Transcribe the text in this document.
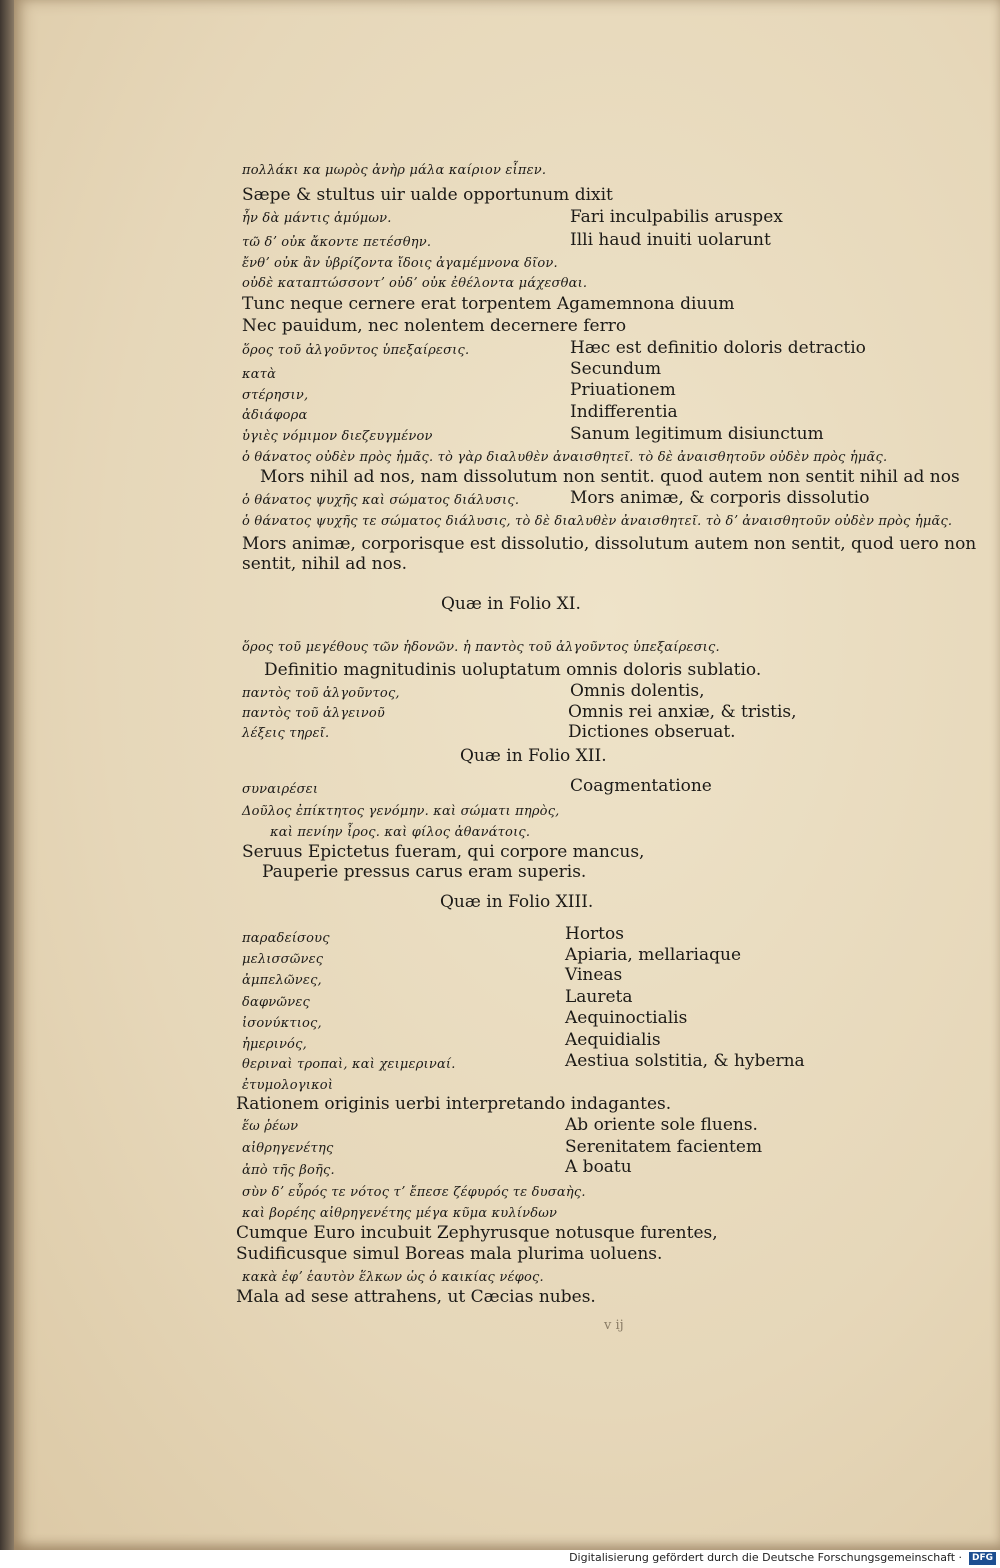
v ij
πολλάκι κα μωρὸς ἀνὴρ μάλα καίριον εἶπεν.
Sæpe & stultus uir ualde opportunum dixit
ἦν δὰ μάντις ἀμύμων.	Fari inculpabilis aruspex
τῶ δʼ οὐκ ἄκοντε πετέσθην.	Illi haud inuiti uolarunt
ἔνθʼ οὐκ ἂν ὑβρίζοντα ἴδοις ἀγαμέμνονα δῖον.
οὐδὲ καταπτώσσοντʼ οὐδʼ οὐκ ἐθέλοντα μάχεσθαι.
Tunc neque cernere erat torpentem Agamemnona diuum
Nec pauidum, nec nolentem decernere ferro
ὅρος τοῦ ἀλγοῦντος ὑπεξαίρεσις.	Hæc est definitio doloris detractio
κατὰ	Secundum
στέρησιν,	Priuationem
ἀδιάφορα	Indifferentia
ὑγιὲς νόμιμον διεζευγμένον	Sanum legitimum disiunctum
ὁ θάνατος οὐδὲν πρὸς ἡμᾶς. τὸ γὰρ διαλυθὲν ἀναισθητεῖ. τὸ δὲ ἀναισθητοῦν οὐδὲν πρὸς ἡμᾶς.
Mors nihil ad nos, nam dissolutum non sentit. quod autem non sentit nihil ad nos
ὁ θάνατος ψυχῆς καὶ σώματος διάλυσις.	Mors animæ, & corporis dissolutio
ὁ θάνατος ψυχῆς τε σώματος διάλυσις, τὸ δὲ διαλυθὲν ἀναισθητεῖ. τὸ δʼ ἀναισθητοῦν οὐδὲν πρὸς ἡμᾶς.
Mors animæ, corporisque est dissolutio, dissolutum autem non sentit, quod uero non
sentit, nihil ad nos.
Quæ in Folio XI.
ὅρος τοῦ μεγέθους τῶν ἡδονῶν. ἡ παντὸς τοῦ ἀλγοῦντος ὑπεξαίρεσις.
Definitio magnitudinis uoluptatum omnis doloris sublatio.
παντὸς τοῦ ἀλγοῦντος,	Omnis dolentis,
παντὸς τοῦ ἀλγεινοῦ	Omnis rei anxiæ, & tristis,
λέξεις τηρεῖ.	Dictiones obseruat.
Quæ in Folio XII.
συναιρέσει	Coagmentatione
Δοῦλος ἐπίκτητος γενόμην. καὶ σώματι πηρὸς,
καὶ πενίην ἶρος. καὶ φίλος ἀθανάτοις.
Seruus Epictetus fueram, qui corpore mancus,
Pauperie pressus carus eram superis.
Quæ in Folio XIII.
παραδείσους	Hortos
μελισσῶνες	Apiaria, mellariaque
ἀμπελῶνες,	Vineas
δαφνῶνες	Laureta
ἰσονύκτιος,	Aequinoctialis
ἠμερινός,	Aequidialis
θεριναὶ τροπαὶ, καὶ χειμεριναί.	Aestiua solstitia, & hyberna
ἐτυμολογικοὶ
Rationem originis uerbi interpretando indagantes.
ἕω ῥέων	Ab oriente sole fluens.
αἰθρηγενέτης	Serenitatem facientem
ἀπὸ τῆς βοῆς.	A boatu
σὺν δʼ εὖρός τε νότος τʼ ἔπεσε ζέφυρός τε δυσαὴς.
καὶ βορέης αἰθρηγενέτης μέγα κῦμα κυλίνδων
Cumque Euro incubuit Zephyrusque notusque furentes,
Sudificusque simul Boreas mala plurima uoluens.
κακὰ ἐφʼ ἑαυτὸν ἕλκων ὡς ὁ καικίας νέφος.
Mala ad sese attrahens, ut Cæcias nubes.
Digitalisierung gefördert durch die Deutsche Forschungsgemeinschaft ·	DFG
